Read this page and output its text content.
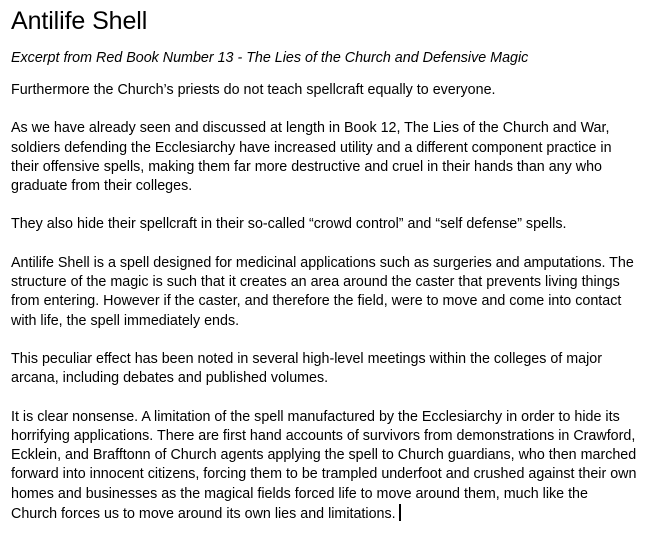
Antilife Shell

Excerpt from Red Book Number 13 - The Lies of the Church and Defensive Magic

Furthermore the Church’s priests do not teach spellcraft equally to everyone.

As we have already seen and discussed at length in Book 12, The Lies of the Church and War, soldiers defending the Ecclesiarchy have increased utility and a different component practice in their offensive spells, making them far more destructive and cruel in their hands than any who graduate from their colleges.

They also hide their spellcraft in their so-called “crowd control” and “self defense” spells.

Antilife Shell is a spell designed for medicinal applications such as surgeries and amputations. The structure of the magic is such that it creates an area around the caster that prevents living things from entering. However if the caster, and therefore the field, were to move and come into contact with life, the spell immediately ends.

This peculiar effect has been noted in several high-level meetings within the colleges of major arcana, including debates and published volumes.

It is clear nonsense. A limitation of the spell manufactured by the Ecclesiarchy in order to hide its horrifying applications. There are first hand accounts of survivors from demonstrations in Crawford, Ecklein, and Brafftonn of Church agents applying the spell to Church guardians, who then marched forward into innocent citizens, forcing them to be trampled underfoot and crushed against their own homes and businesses as the magical fields forced life to move around them, much like the Church forces us to move around its own lies and limitations.
